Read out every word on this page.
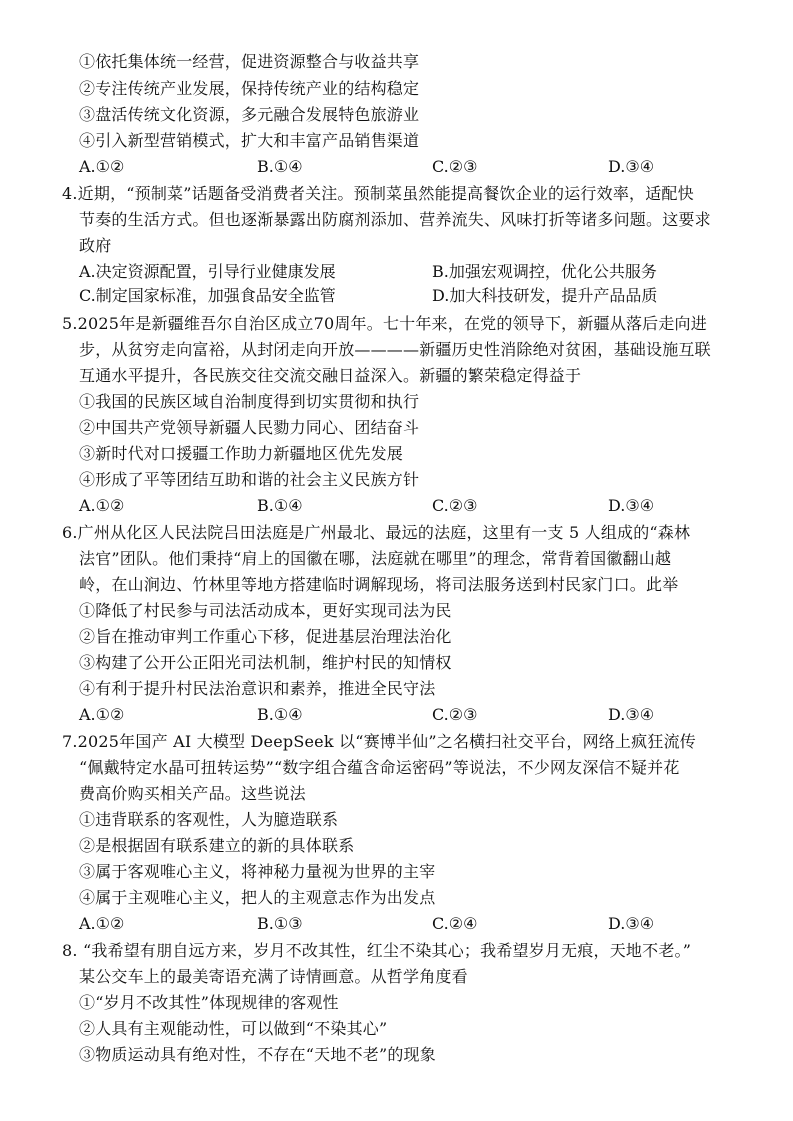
①依托集体统一经营，促进资源整合与收益共享
②专注传统产业发展，保持传统产业的结构稳定
③盘活传统文化资源，多元融合发展特色旅游业
④引入新型营销模式，扩大和丰富产品销售渠道
A.①②	B.①④	C.②③	D.③④
4.近期，“预制菜”话题备受消费者关注。预制菜虽然能提高餐饮企业的运行效率，适配快
节奏的生活方式。但也逐渐暴露出防腐剂添加、营养流失、风味打折等诸多问题。这要求
政府
A.决定资源配置，引导行业健康发展	B.加强宏观调控，优化公共服务
C.制定国家标准，加强食品安全监管	D.加大科技研发，提升产品品质
5.2025年是新疆维吾尔自治区成立70周年。七十年来，在党的领导下，新疆从落后走向进
步，从贫穷走向富裕，从封闭走向开放————新疆历史性消除绝对贫困，基础设施互联
互通水平提升，各民族交往交流交融日益深入。新疆的繁荣稳定得益于
①我国的民族区域自治制度得到切实贯彻和执行
②中国共产党领导新疆人民勠力同心、团结奋斗
③新时代对口援疆工作助力新疆地区优先发展
④形成了平等团结互助和谐的社会主义民族方针
A.①②	B.①④	C.②③	D.③④
6.广州从化区人民法院吕田法庭是广州最北、最远的法庭，这里有一支 5 人组成的“森林
法官”团队。他们秉持“肩上的国徽在哪，法庭就在哪里”的理念，常背着国徽翻山越
岭，在山涧边、竹林里等地方搭建临时调解现场，将司法服务送到村民家门口。此举
①降低了村民参与司法活动成本，更好实现司法为民
②旨在推动审判工作重心下移，促进基层治理法治化
③构建了公开公正阳光司法机制，维护村民的知情权
④有利于提升村民法治意识和素养，推进全民守法
A.①②	B.①④	C.②③	D.③④
7.2025年国产 AI 大模型 DeepSeek 以“赛博半仙”之名横扫社交平台，网络上疯狂流传
“佩戴特定水晶可扭转运势”“数字组合蕴含命运密码”等说法，不少网友深信不疑并花
费高价购买相关产品。这些说法
①违背联系的客观性，人为臆造联系
②是根据固有联系建立的新的具体联系
③属于客观唯心主义，将神秘力量视为世界的主宰
④属于主观唯心主义，把人的主观意志作为出发点
A.①②	B.①③	C.②④	D.③④
8. “我希望有朋自远方来，岁月不改其性，红尘不染其心；我希望岁月无痕，天地不老。”
某公交车上的最美寄语充满了诗情画意。从哲学角度看
①“岁月不改其性”体现规律的客观性
②人具有主观能动性，可以做到“不染其心”
③物质运动具有绝对性，不存在“天地不老”的现象
